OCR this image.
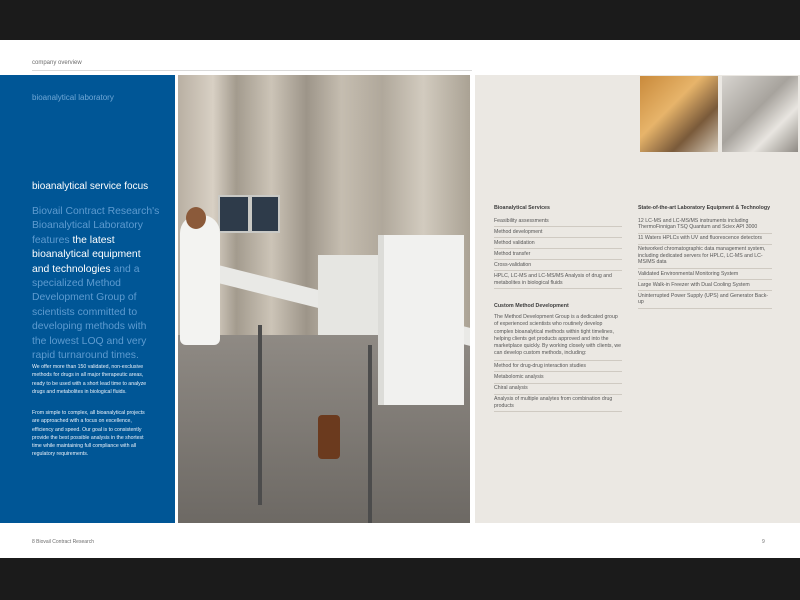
company overview
8 Biovail Contract Research	9
bioanalytical laboratory
bioanalytical service focus

Biovail Contract Research's Bioanalytical Laboratory features the latest bioanalytical equipment and technologies and a specialized Method Development Group of scientists committed to developing methods with the lowest LOQ and very rapid turnaround times.

We offer more than 150 validated, non-exclusive methods for drugs in all major therapeutic areas, ready to be used with a short lead time to analyze drugs and metabolites in biological fluids.

From simple to complex, all bioanalytical projects are approached with a focus on excellence, efficiency and speed. Our goal is to consistently provide the best possible analysis in the shortest time while maintaining full compliance with all regulatory requirements.

Bioanalytical Services
Feasibility assessments
Method development
Method validation
Method transfer
Cross-validation
HPLC, LC-MS and LC-MS/MS Analysis of drug and metabolites in biological fluids
Custom Method Development

The Method Development Group is a dedicated group of experienced scientists who routinely develop complex bioanalytical methods within tight timelines, helping clients get products approved and into the marketplace quickly. By working closely with clients, we can develop custom methods, including:

Method for drug-drug interaction studies
Metabolomic analysis
Chiral analysis
Analysis of multiple analytes from combination drug products
State-of-the-art Laboratory Equipment & Technology
12 LC-MS and LC-MS/MS instruments including ThermoFinnigan TSQ Quantum and Sciex API 3000
11 Waters HPLCs with UV and fluorescence detectors
Networked chromatographic data management system, including dedicated servers for HPLC, LC-MS and LC-MS/MS data
Validated Environmental Monitoring System
Large Walk-in Freezer with Dual Cooling System
Uninterrupted Power Supply (UPS) and Generator Back-up
